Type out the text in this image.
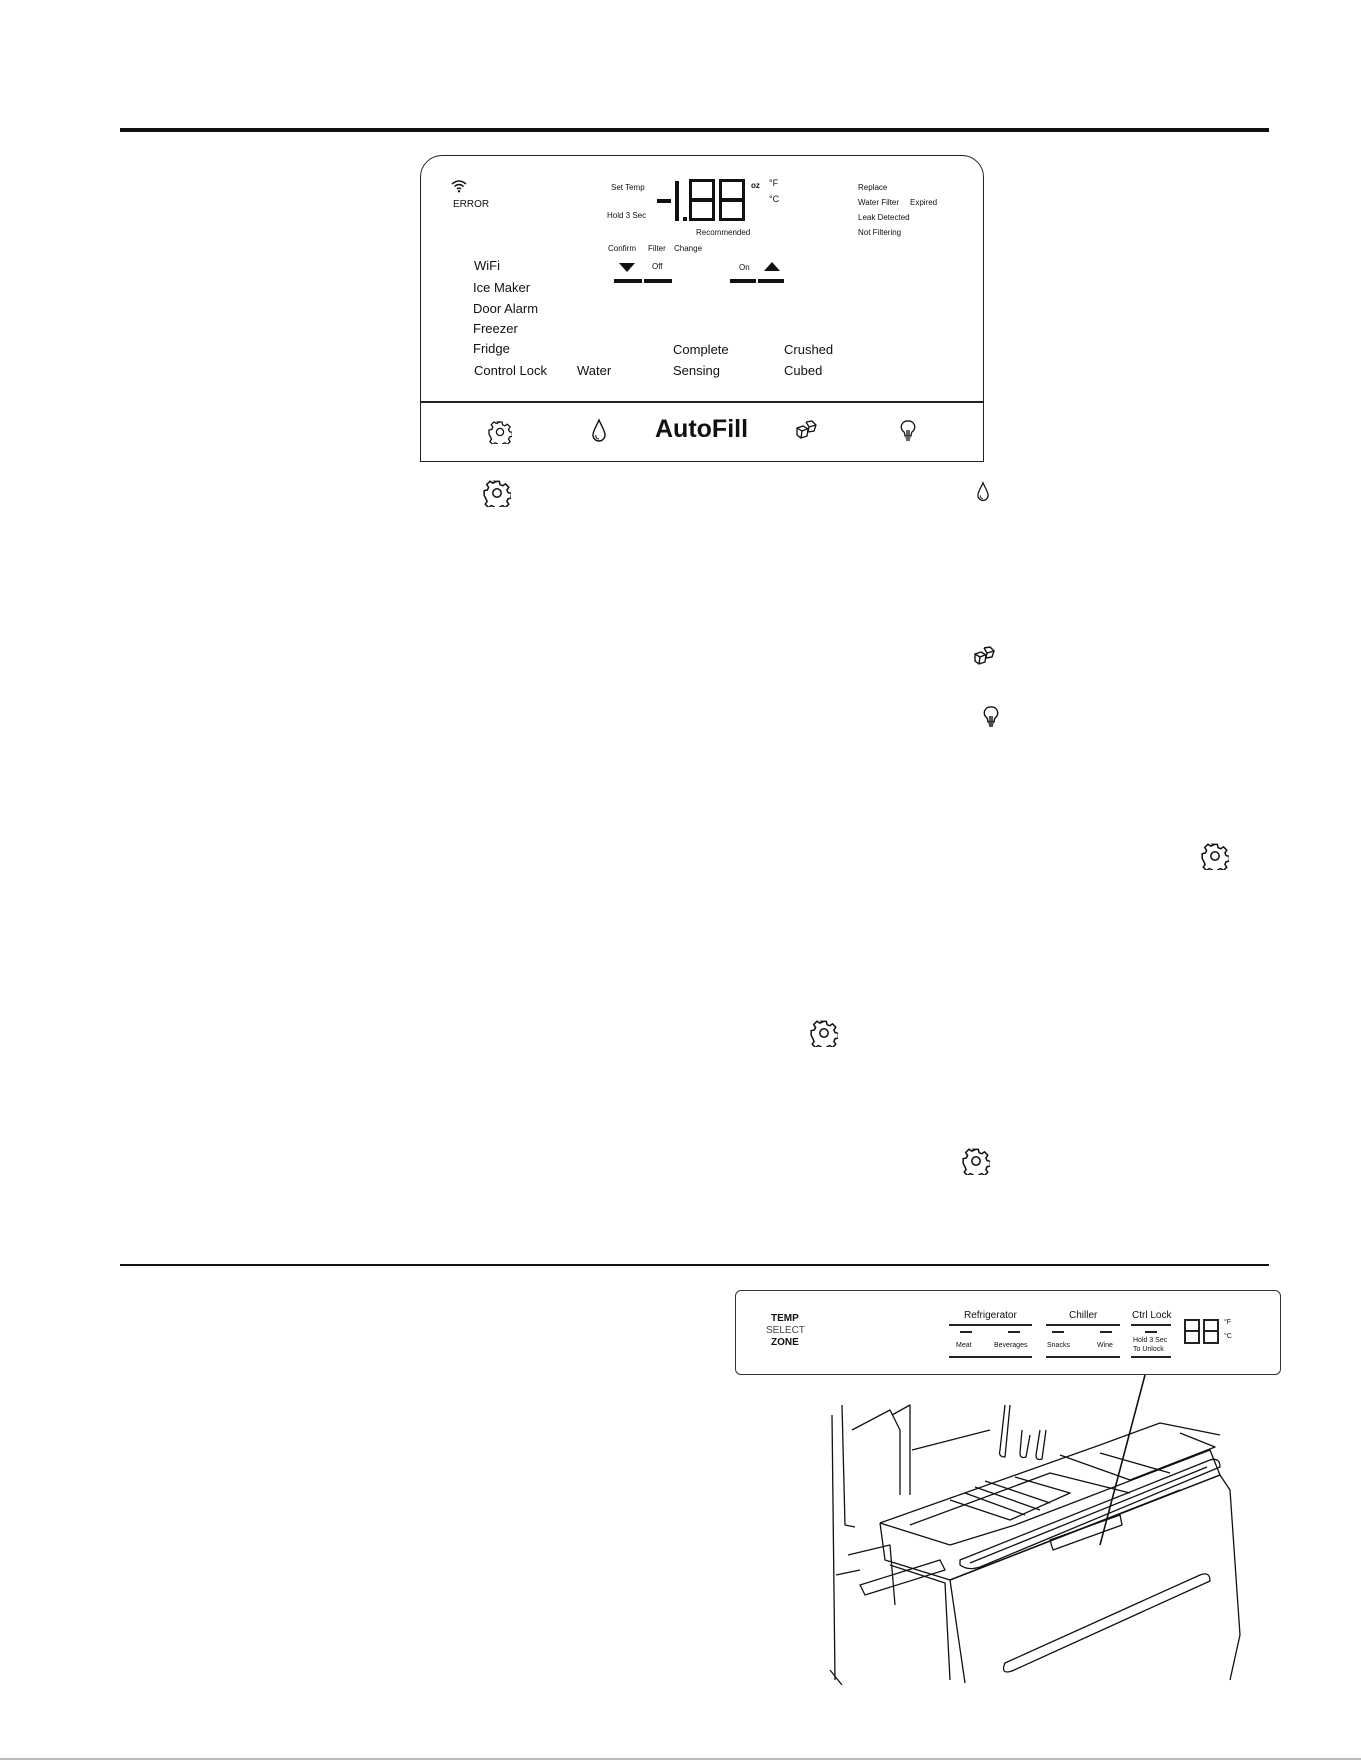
ERROR
Set Temp
Hold 3 Sec
oz °F
°C
Recommended
Confirm Filter Change
Off	On
Replace
Water Filter Expired
Leak Detected
Not Filtering
WiFi
Ice Maker
Door Alarm
Freezer
Fridge
Control Lock Water
Complete
Sensing
Crushed
Cubed
AutoFill
TEMP
SELECT
ZONE
Refrigerator
Meat	Beverages
Chiller
Snacks	Wine
Ctrl Lock
Hold 3 Sec
To Unlock
°F
°C
